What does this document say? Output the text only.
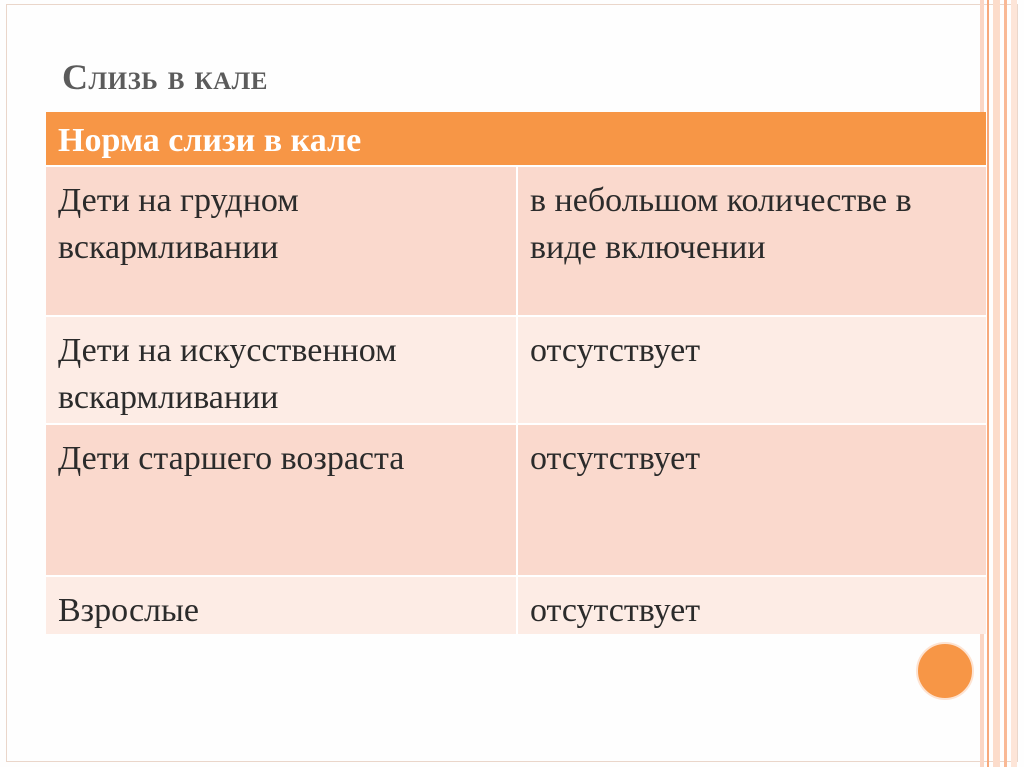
Слизь в кале
Норма слизи в кале	
Дети на грудном вскармливании	в небольшом количестве в виде включении
Дети на искусственном вскармливании	отсутствует
Дети старшего возраста	отсутствует
Взрослые	отсутствует
